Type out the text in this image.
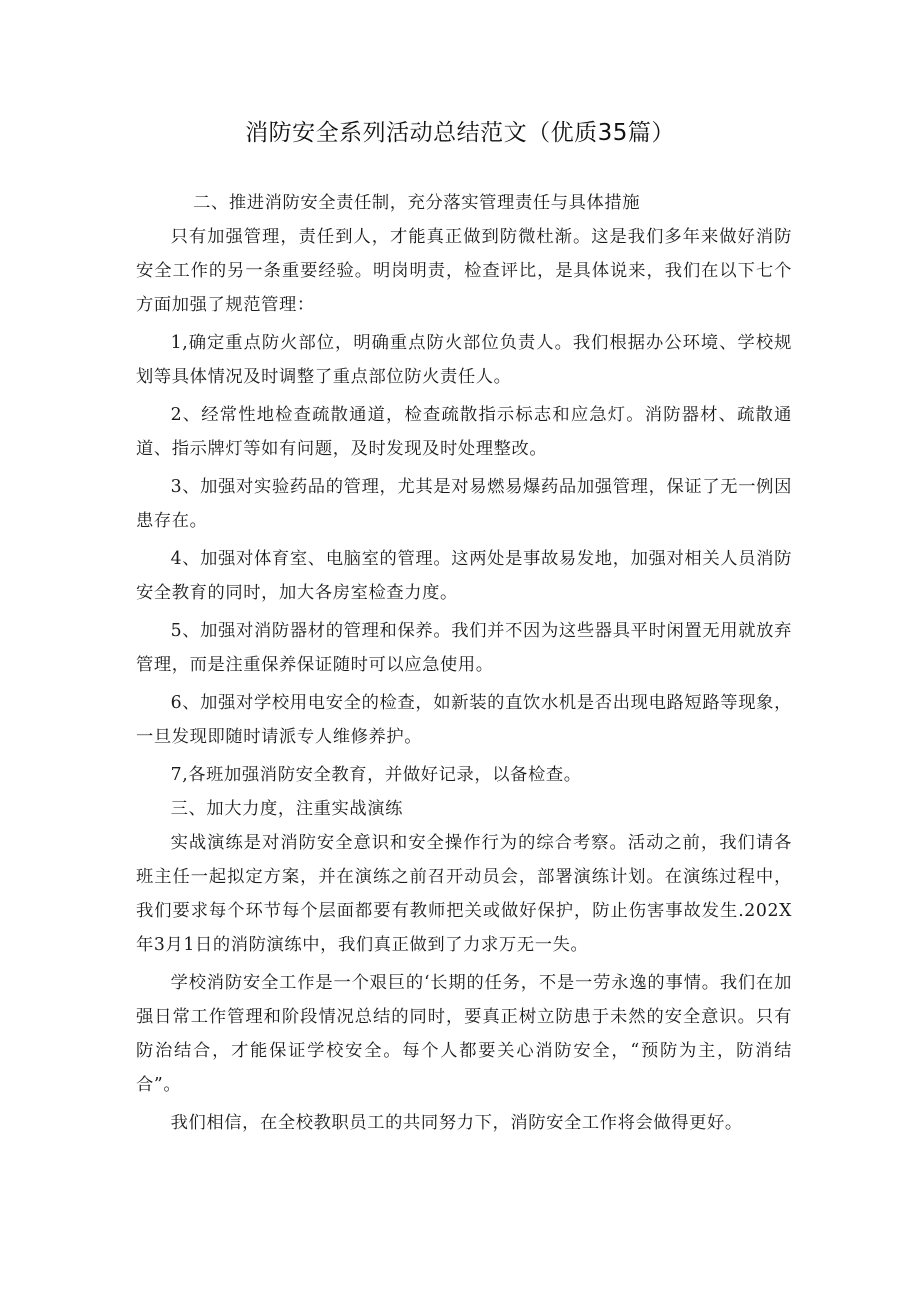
消防安全系列活动总结范文（优质35篇）

二、推进消防安全责任制，充分落实管理责任与具体措施

只有加强管理，责任到人，才能真正做到防微杜渐。这是我们多年来做好消防安全工作的另一条重要经验。明岗明责，检查评比，是具体说来，我们在以下七个方面加强了规范管理：

1,确定重点防火部位，明确重点防火部位负责人。我们根据办公环境、学校规划等具体情况及时调整了重点部位防火责任人。

2、经常性地检查疏散通道，检查疏散指示标志和应急灯。消防器材、疏散通道、指示牌灯等如有问题，及时发现及时处理整改。

3、加强对实验药品的管理，尤其是对易燃易爆药品加强管理，保证了无一例因患存在。

4、加强对体育室、电脑室的管理。这两处是事故易发地，加强对相关人员消防安全教育的同时，加大各房室检查力度。

5、加强对消防器材的管理和保养。我们并不因为这些器具平时闲置无用就放弃管理，而是注重保养保证随时可以应急使用。

6、加强对学校用电安全的检查，如新装的直饮水机是否出现电路短路等现象，一旦发现即随时请派专人维修养护。

7,各班加强消防安全教育，并做好记录，以备检查。

三、加大力度，注重实战演练

实战演练是对消防安全意识和安全操作行为的综合考察。活动之前，我们请各班主任一起拟定方案，并在演练之前召开动员会，部署演练计划。在演练过程中，我们要求每个环节每个层面都要有教师把关或做好保护，防止伤害事故发生.202X年3月1日的消防演练中，我们真正做到了力求万无一失。

学校消防安全工作是一个艰巨的‘长期的任务，不是一劳永逸的事情。我们在加强日常工作管理和阶段情况总结的同时，要真正树立防患于未然的安全意识。只有防治结合，才能保证学校安全。每个人都要关心消防安全，“预防为主，防消结合”。

我们相信，在全校教职员工的共同努力下，消防安全工作将会做得更好。
